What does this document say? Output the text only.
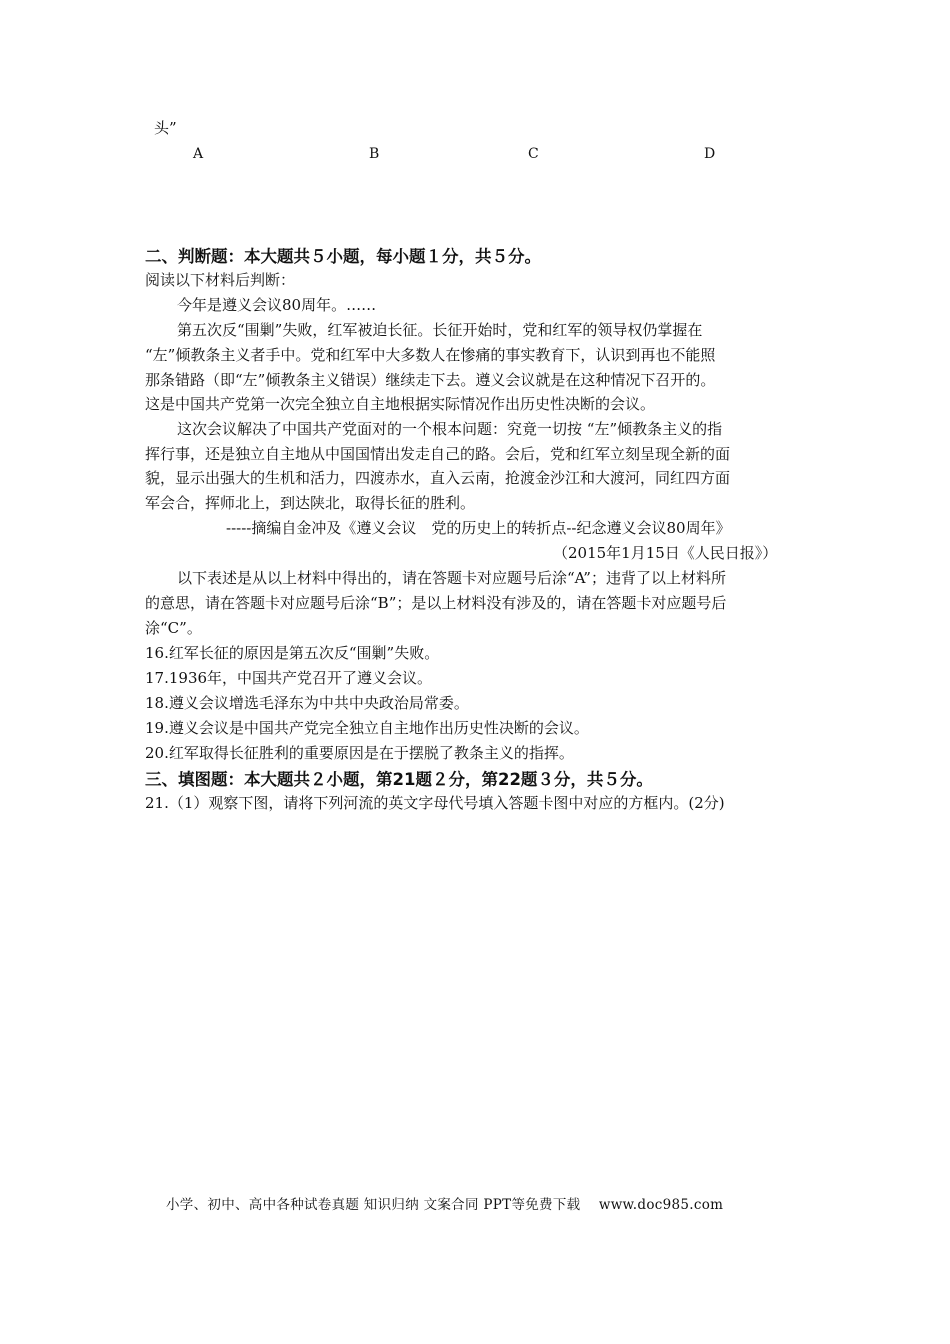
头”
A	B	C	D
二、判断题：本大题共５小题，每小题１分，共５分。
阅读以下材料后判断：
今年是遵义会议80周年。……
第五次反“围剿”失败，红军被迫长征。长征开始时，党和红军的领导权仍掌握在
“左”倾教条主义者手中。党和红军中大多数人在惨痛的事实教育下，认识到再也不能照
那条错路（即“左”倾教条主义错误）继续走下去。遵义会议就是在这种情况下召开的。
这是中国共产党第一次完全独立自主地根据实际情况作出历史性决断的会议。
这次会议解决了中国共产党面对的一个根本问题：究竟一切按 “左”倾教条主义的指
挥行事，还是独立自主地从中国国情出发走自己的路。会后，党和红军立刻呈现全新的面
貌，显示出强大的生机和活力，四渡赤水，直入云南，抢渡金沙江和大渡河，同红四方面
军会合，挥师北上，到达陕北，取得长征的胜利。
-----摘编自金冲及《遵义会议　党的历史上的转折点--纪念遵义会议80周年》
（2015年1月15日《人民日报》）
以下表述是从以上材料中得出的，请在答题卡对应题号后涂“A”；违背了以上材料所
的意思，请在答题卡对应题号后涂“B”；是以上材料没有涉及的，请在答题卡对应题号后
涂“C”。
16.红军长征的原因是第五次反“围剿”失败。
17.1936年，中国共产党召开了遵义会议。
18.遵义会议增选毛泽东为中共中央政治局常委。
19.遵义会议是中国共产党完全独立自主地作出历史性决断的会议。
20.红军取得长征胜利的重要原因是在于摆脱了教条主义的指挥。
三、填图题：本大题共２小题，第21题２分，第22题３分，共５分。
21.（1）观察下图，请将下列河流的英文字母代号填入答题卡图中对应的方框内。(2分)
小学、初中、高中各种试卷真题 知识归纳 文案合同 PPT等免费下载　 www.doc985.com
